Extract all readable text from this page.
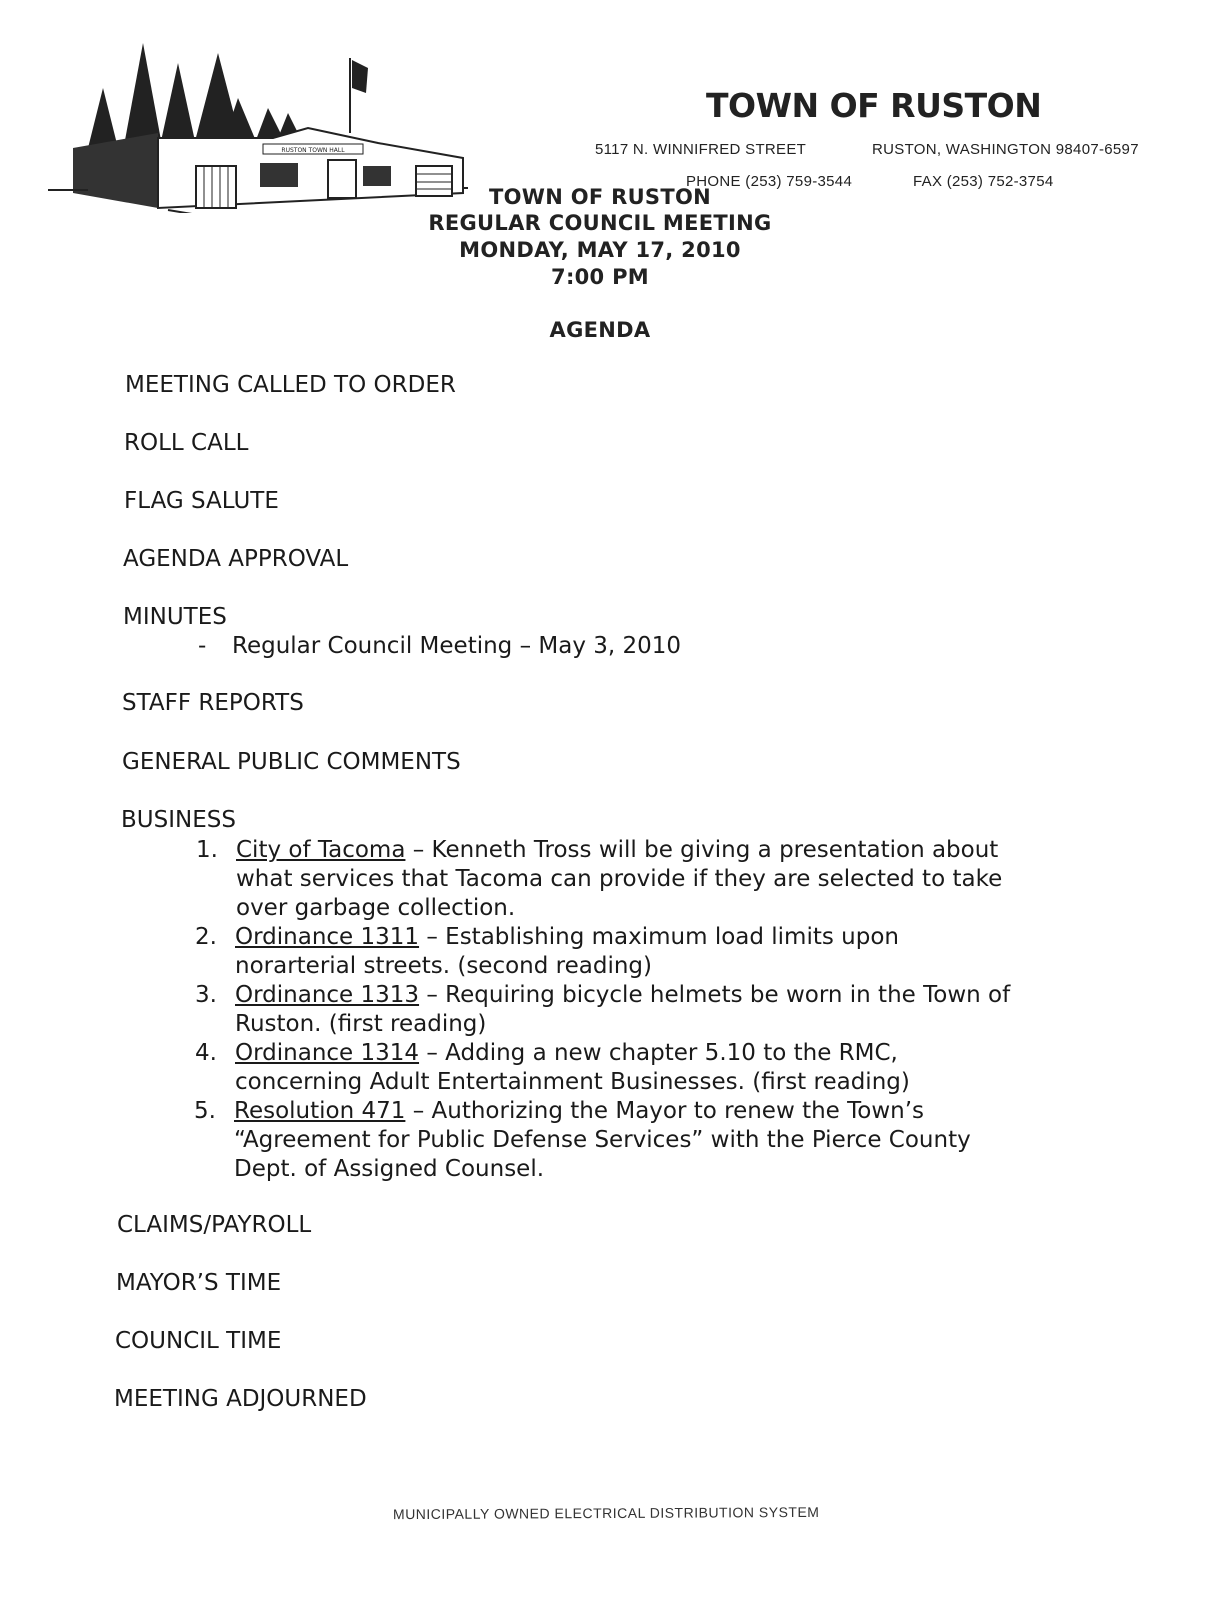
RUSTON TOWN HALL
TOWN OF RUSTON
5117 N. WINNIFRED STREET	RUSTON, WASHINGTON 98407-6597
PHONE (253) 759-3544	FAX (253) 752-3754
TOWN OF RUSTON
REGULAR COUNCIL MEETING
MONDAY, MAY 17, 2010
7:00 PM
AGENDA
MEETING CALLED TO ORDER
ROLL CALL
FLAG SALUTE
AGENDA APPROVAL
MINUTES
- Regular Council Meeting – May 3, 2010
STAFF REPORTS
GENERAL PUBLIC COMMENTS
BUSINESS
1. City of Tacoma – Kenneth Tross will be giving a presentation about
what services that Tacoma can provide if they are selected to take
over garbage collection.
2. Ordinance 1311 – Establishing maximum load limits upon
norarterial streets. (second reading)
3. Ordinance 1313 – Requiring bicycle helmets be worn in the Town of
Ruston. (first reading)
4. Ordinance 1314 – Adding a new chapter 5.10 to the RMC,
concerning Adult Entertainment Businesses. (first reading)
5. Resolution 471 – Authorizing the Mayor to renew the Town’s
“Agreement for Public Defense Services” with the Pierce County
Dept. of Assigned Counsel.
CLAIMS/PAYROLL
MAYOR’S TIME
COUNCIL TIME
MEETING ADJOURNED
MUNICIPALLY OWNED ELECTRICAL DISTRIBUTION SYSTEM
